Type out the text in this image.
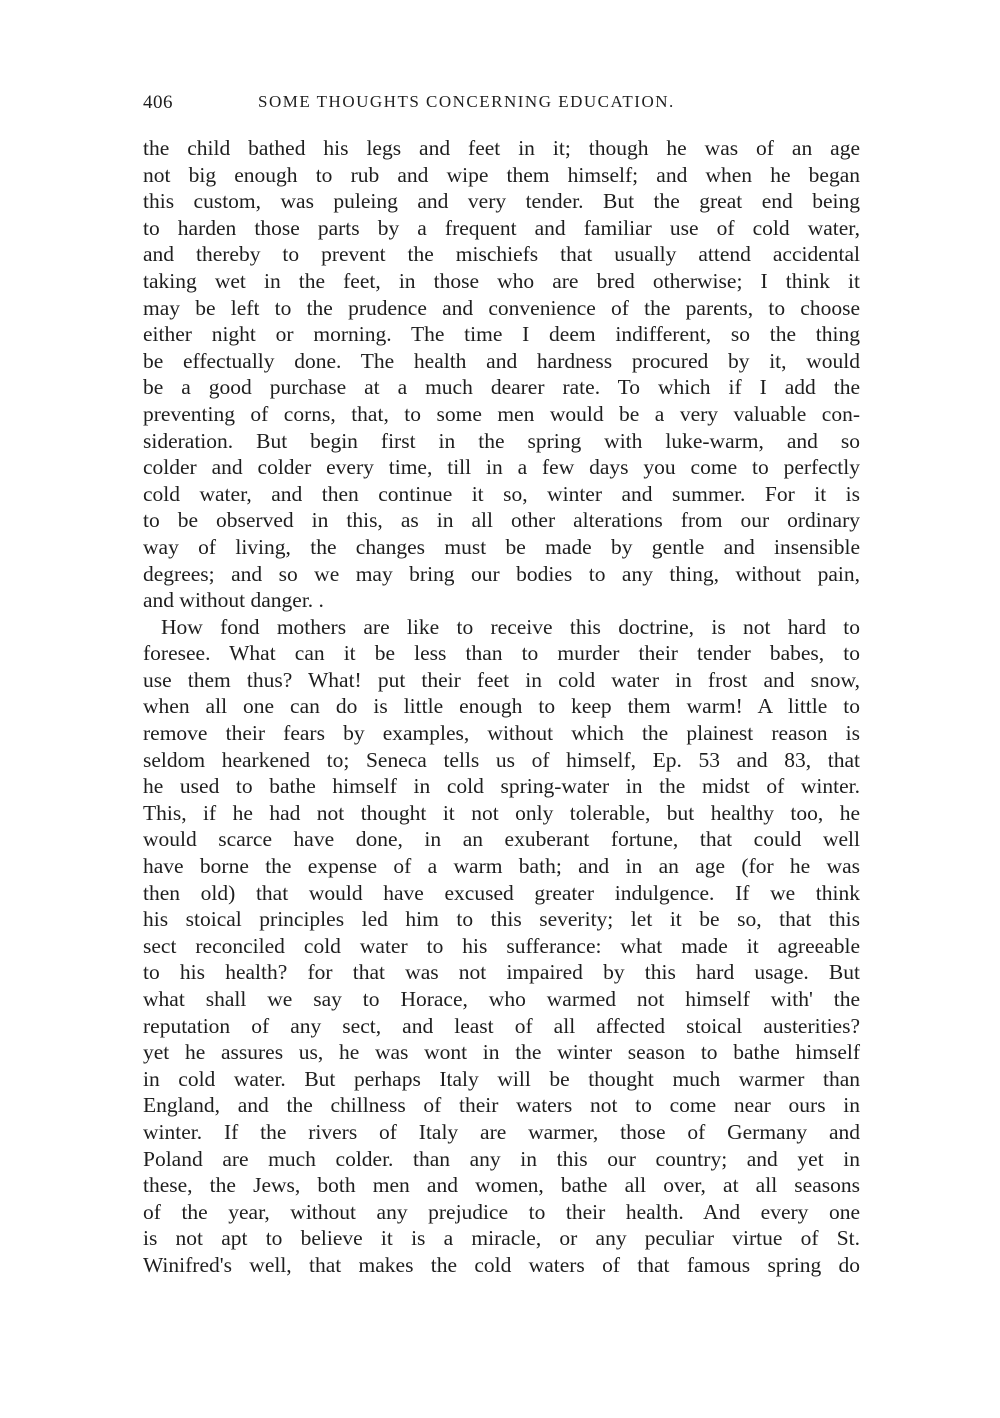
406	SOME THOUGHTS CONCERNING EDUCATION.
the child bathed his legs and feet in it; though he was of an age
not big enough to rub and wipe them himself; and when he began
this custom, was puleing and very tender. But the great end being
to harden those parts by a frequent and familiar use of cold water,
and thereby to prevent the mischiefs that usually attend accidental
taking wet in the feet, in those who are bred otherwise; I think it
may be left to the prudence and convenience of the parents, to choose
either night or morning. The time I deem indifferent, so the thing
be effectually done. The health and hardness procured by it, would
be a good purchase at a much dearer rate. To which if I add the
preventing of corns, that, to some men would be a very valuable con-
sideration. But begin first in the spring with luke-warm, and so
colder and colder every time, till in a few days you come to perfectly
cold water, and then continue it so, winter and summer. For it is
to be observed in this, as in all other alterations from our ordinary
way of living, the changes must be made by gentle and insensible
degrees; and so we may bring our bodies to any thing, without pain,
and without danger. .
How fond mothers are like to receive this doctrine, is not hard to
foresee. What can it be less than to murder their tender babes, to
use them thus? What! put their feet in cold water in frost and snow,
when all one can do is little enough to keep them warm! A little to
remove their fears by examples, without which the plainest reason is
seldom hearkened to; Seneca tells us of himself, Ep. 53 and 83, that
he used to bathe himself in cold spring-water in the midst of winter.
This, if he had not thought it not only tolerable, but healthy too, he
would scarce have done, in an exuberant fortune, that could well
have borne the expense of a warm bath; and in an age (for he was
then old) that would have excused greater indulgence. If we think
his stoical principles led him to this severity; let it be so, that this
sect reconciled cold water to his sufferance: what made it agreeable
to his health? for that was not impaired by this hard usage. But
what shall we say to Horace, who warmed not himself with' the
reputation of any sect, and least of all affected stoical austerities?
yet he assures us, he was wont in the winter season to bathe himself
in cold water. But perhaps Italy will be thought much warmer than
England, and the chillness of their waters not to come near ours in
winter. If the rivers of Italy are warmer, those of Germany and
Poland are much colder. than any in this our country; and yet in
these, the Jews, both men and women, bathe all over, at all seasons
of the year, without any prejudice to their health. And every one
is not apt to believe it is a miracle, or any peculiar virtue of St.
Winifred's well, that makes the cold waters of that famous spring do
